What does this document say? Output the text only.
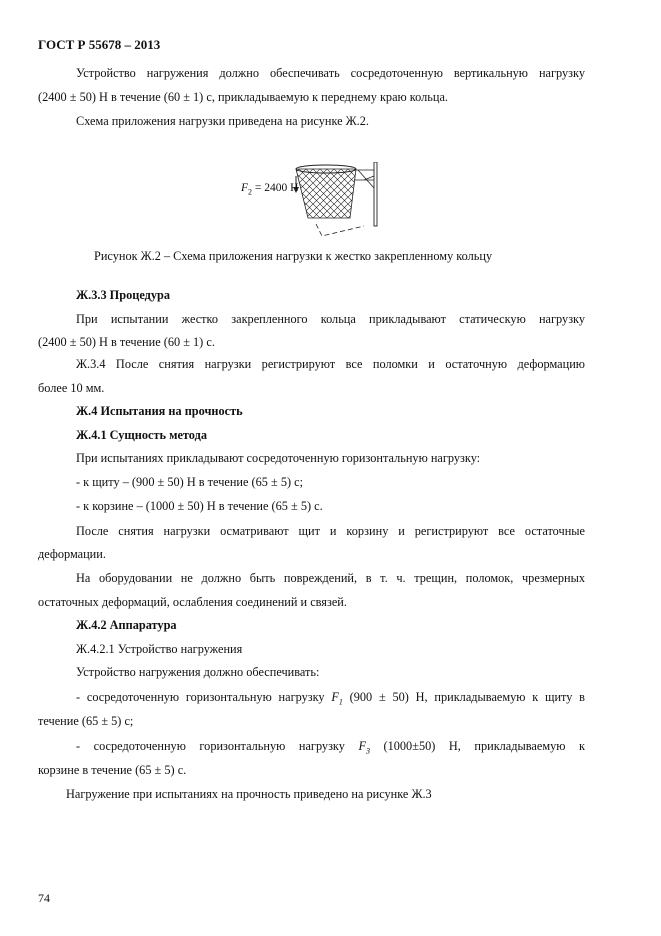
ГОСТ Р 55678 – 2013
Устройство нагружения должно обеспечивать сосредоточенную вертикальную нагрузку
(2400 ± 50) Н в течение (60 ± 1) с, прикладываемую к переднему краю кольца.
Схема приложения нагрузки приведена на рисунке Ж.2.
$F_2 = 2400$ Н
Рисунок Ж.2 – Схема приложения нагрузки к жестко закрепленному кольцу
Ж.3.3 Процедура
При испытании жестко закрепленного кольца прикладывают статическую нагрузку
(2400 ± 50) Н в течение (60 ± 1) с.
Ж.3.4 После снятия нагрузки регистрируют все поломки и остаточную деформацию
более 10 мм.
Ж.4 Испытания на прочность
Ж.4.1 Сущность метода
При испытаниях прикладывают сосредоточенную горизонтальную нагрузку:
- к щиту – (900 ± 50) Н в течение (65 ± 5) с;
- к корзине – (1000 ± 50) Н в течение (65 ± 5) с.
После снятия нагрузки осматривают щит и корзину и регистрируют все остаточные
деформации.
На оборудовании не должно быть повреждений, в т. ч. трещин, поломок, чрезмерных
остаточных деформаций, ослабления соединений и связей.
Ж.4.2 Аппаратура
Ж.4.2.1 Устройство нагружения
Устройство нагружения должно обеспечивать:
- сосредоточенную горизонтальную нагрузку $F_1$ (900 ± 50) Н, прикладываемую к щиту в
течение (65 ± 5) с;
- сосредоточенную горизонтальную нагрузку $F_3$ (1000±50) Н, прикладываемую к
корзине в течение (65 ± 5) с.
Нагружение при испытаниях на прочность приведено на рисунке Ж.3
74
